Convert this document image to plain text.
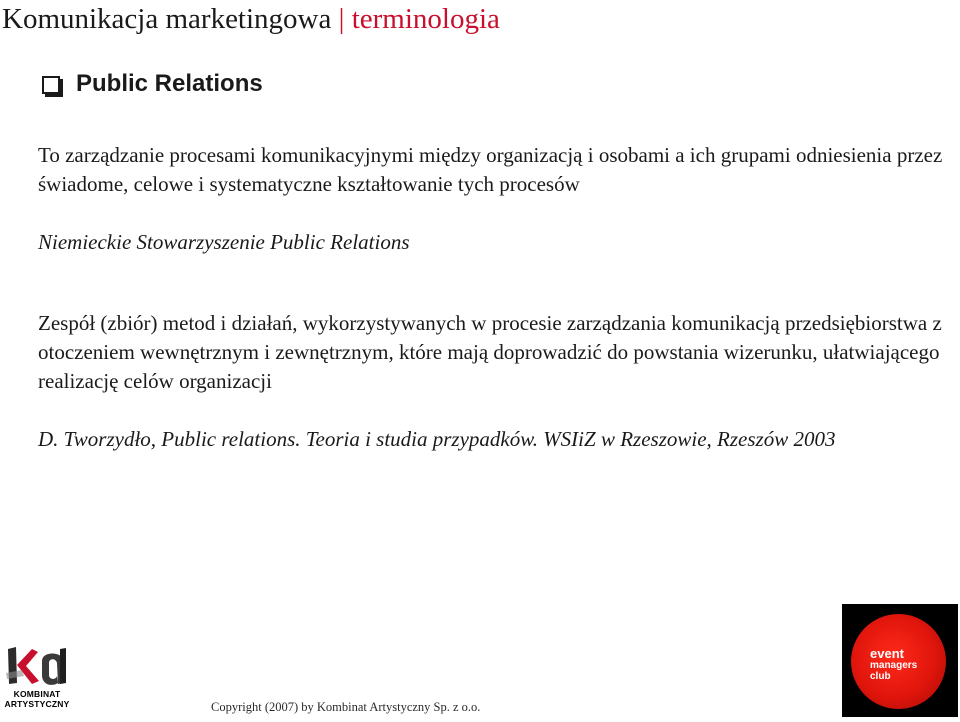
Komunikacja marketingowa | terminologia
Public Relations
To zarządzanie procesami komunikacyjnymi między organizacją i osobami a ich grupami odniesienia przez świadome, celowe i systematyczne kształtowanie tych procesów
Niemieckie Stowarzyszenie Public Relations
Zespół (zbiór) metod i działań, wykorzystywanych w procesie zarządzania komunikacją przedsiębiorstwa z otoczeniem wewnętrznym i zewnętrznym, które mają doprowadzić do powstania wizerunku, ułatwiającego realizację celów organizacji
D. Tworzydło, Public relations. Teoria i studia przypadków. WSIiZ w Rzeszowie, Rzeszów 2003
KOMBINAT
ARTYSTYCZNY	Copyright (2007) by Kombinat Artystyczny Sp. z o.o.
event
managers
club
